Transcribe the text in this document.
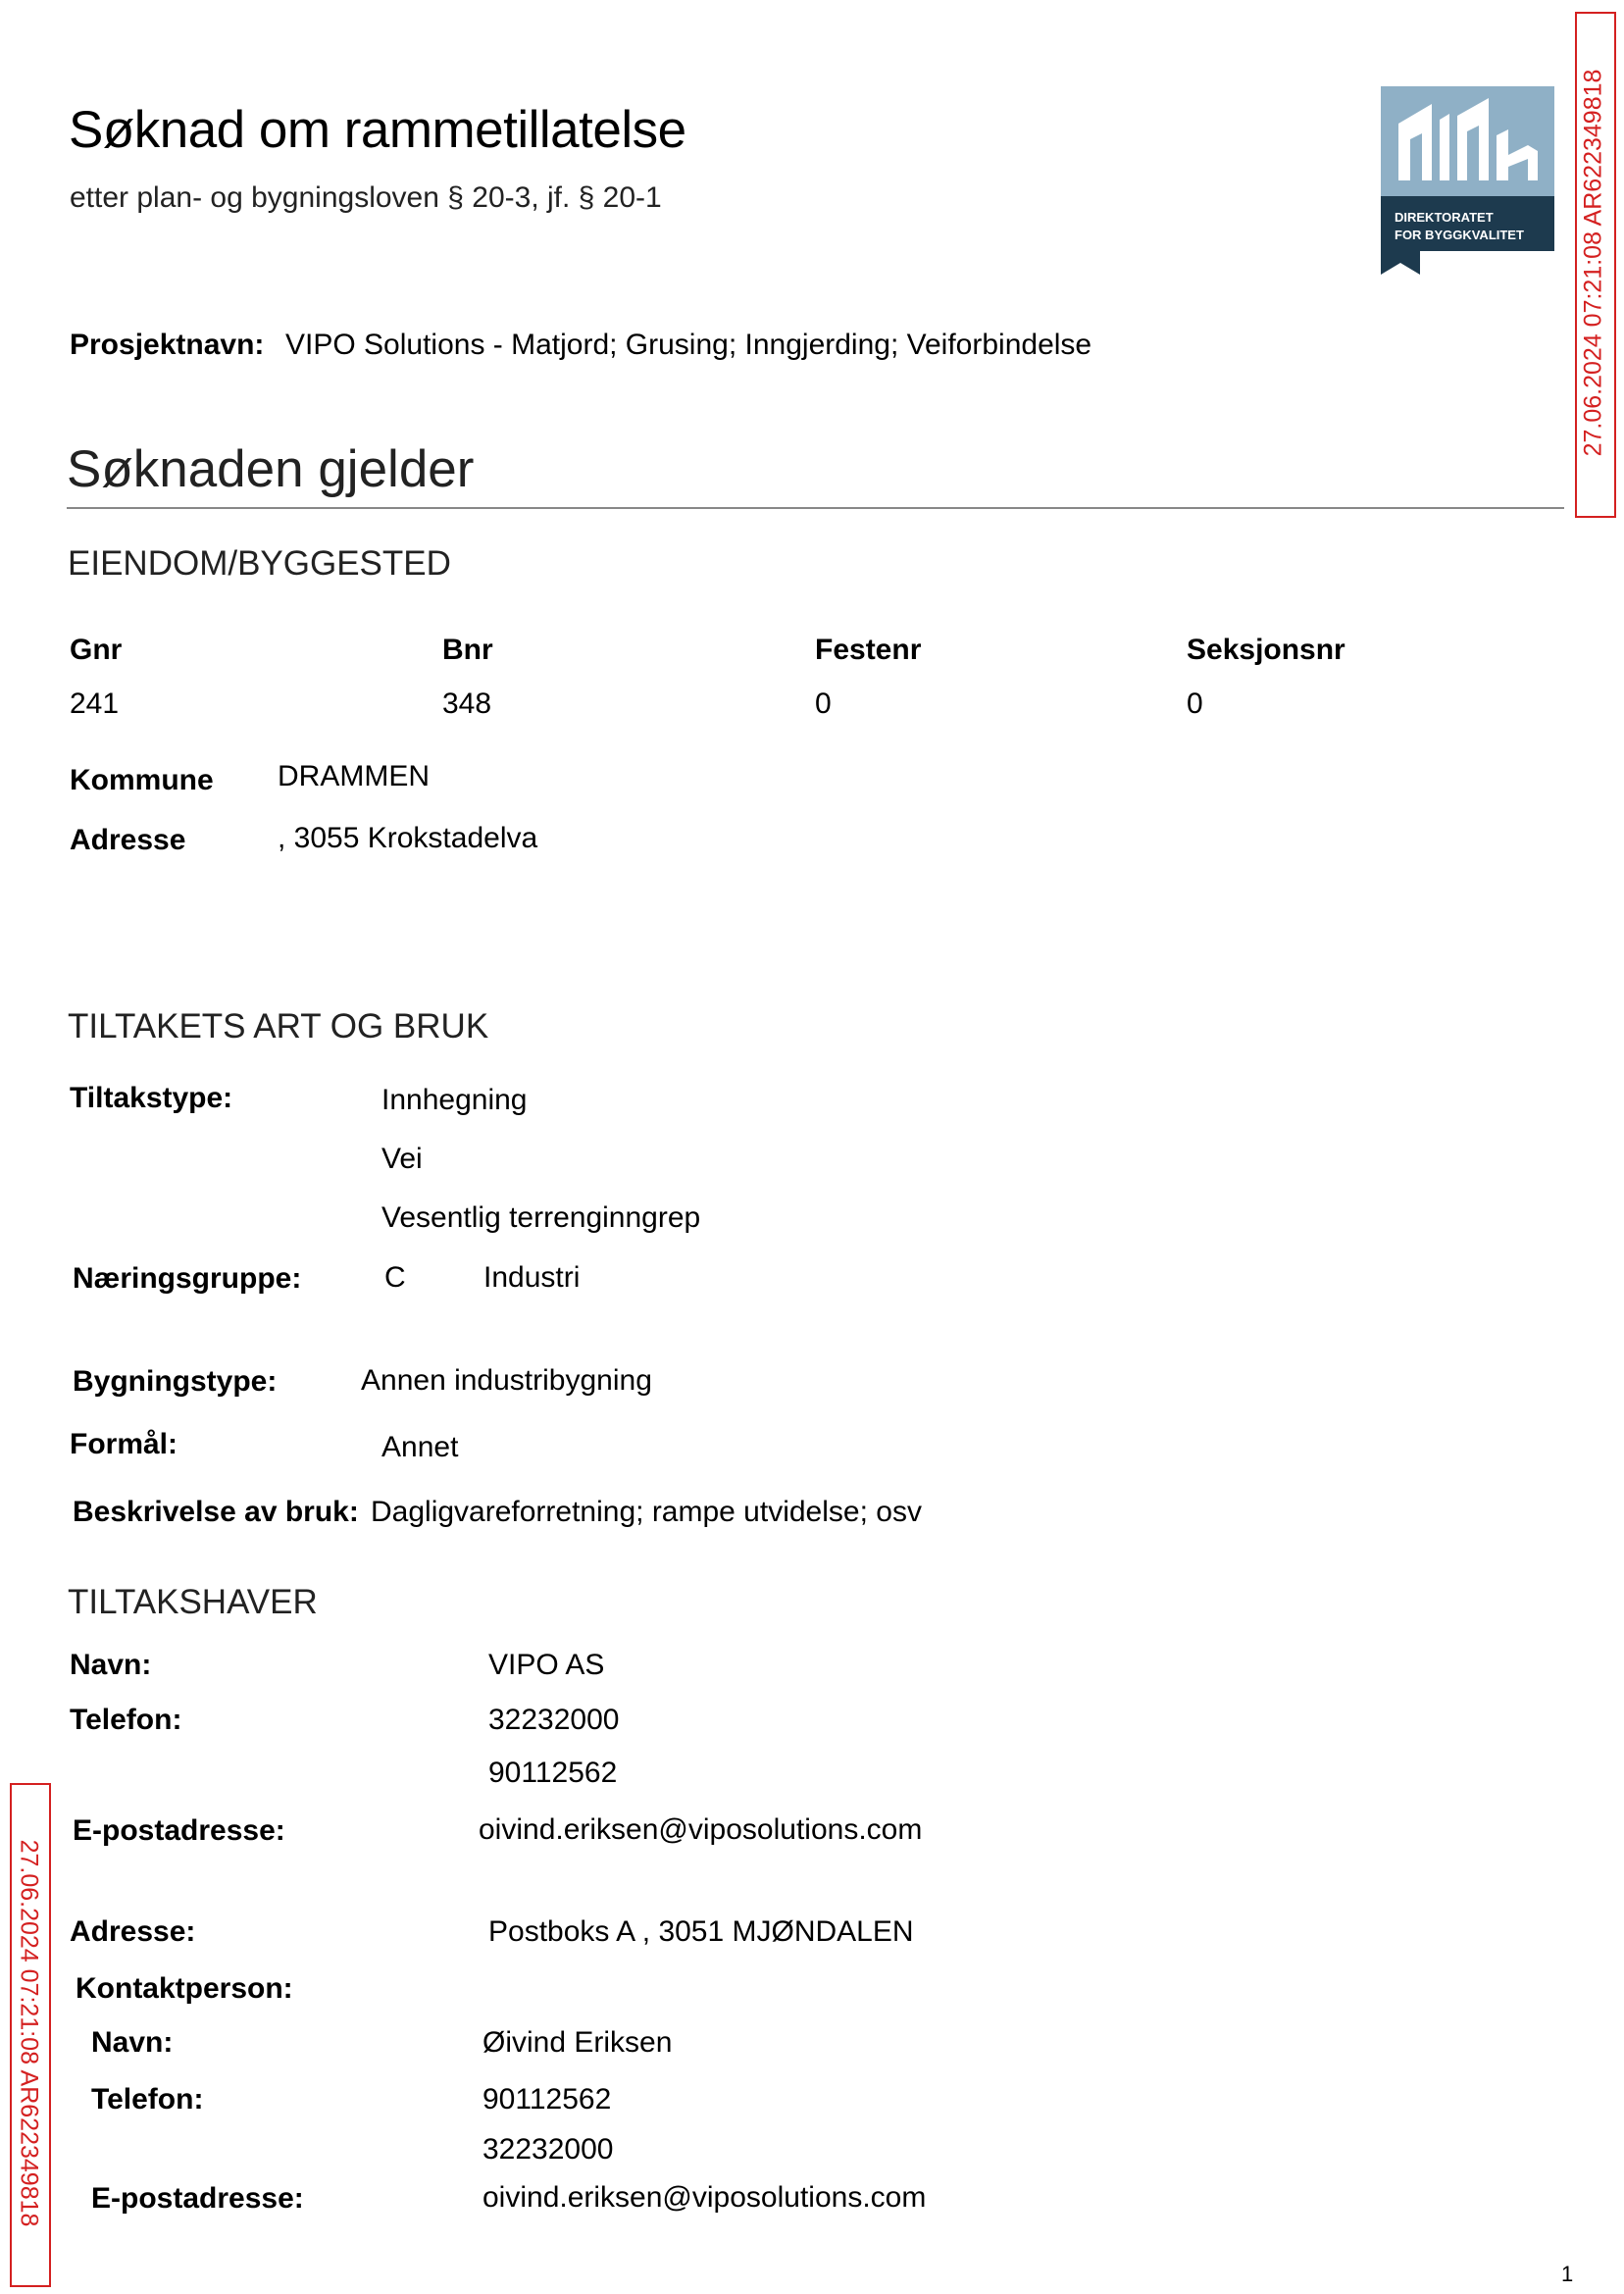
Søknad om rammetillatelse
etter plan- og bygningsloven § 20-3, jf. § 20-1
Prosjektnavn: VIPO Solutions - Matjord; Grusing; Inngjerding; Veiforbindelse
DIREKTORATET
FOR BYGGKVALITET 27.06.2024 07:21:08 AR622349818
27.06.2024 07:21:08 AR622349818
Søknaden gjelder
EIENDOM/BYGGESTED
Gnr	Bnr	Festenr	Seksjonsnr
241	348	0	0
Kommune DRAMMEN
Adresse	, 3055 Krokstadelva
TILTAKETS ART OG BRUK
Tiltakstype:	Innhegning
Vei
Vesentlig terrenginngrep
Næringsgruppe:	C	Industri
Bygningstype:	Annen industribygning
Formål:	Annet
Beskrivelse av bruk: Dagligvareforretning; rampe utvidelse; osv
TILTAKSHAVER
Navn:	VIPO AS
Telefon:	32232000
90112562
E-postadresse:	oivind.eriksen@viposolutions.com
Adresse:	Postboks A , 3051 MJØNDALEN
Kontaktperson:
Navn:	Øivind Eriksen
Telefon:	90112562
32232000
E-postadresse:	oivind.eriksen@viposolutions.com
1
